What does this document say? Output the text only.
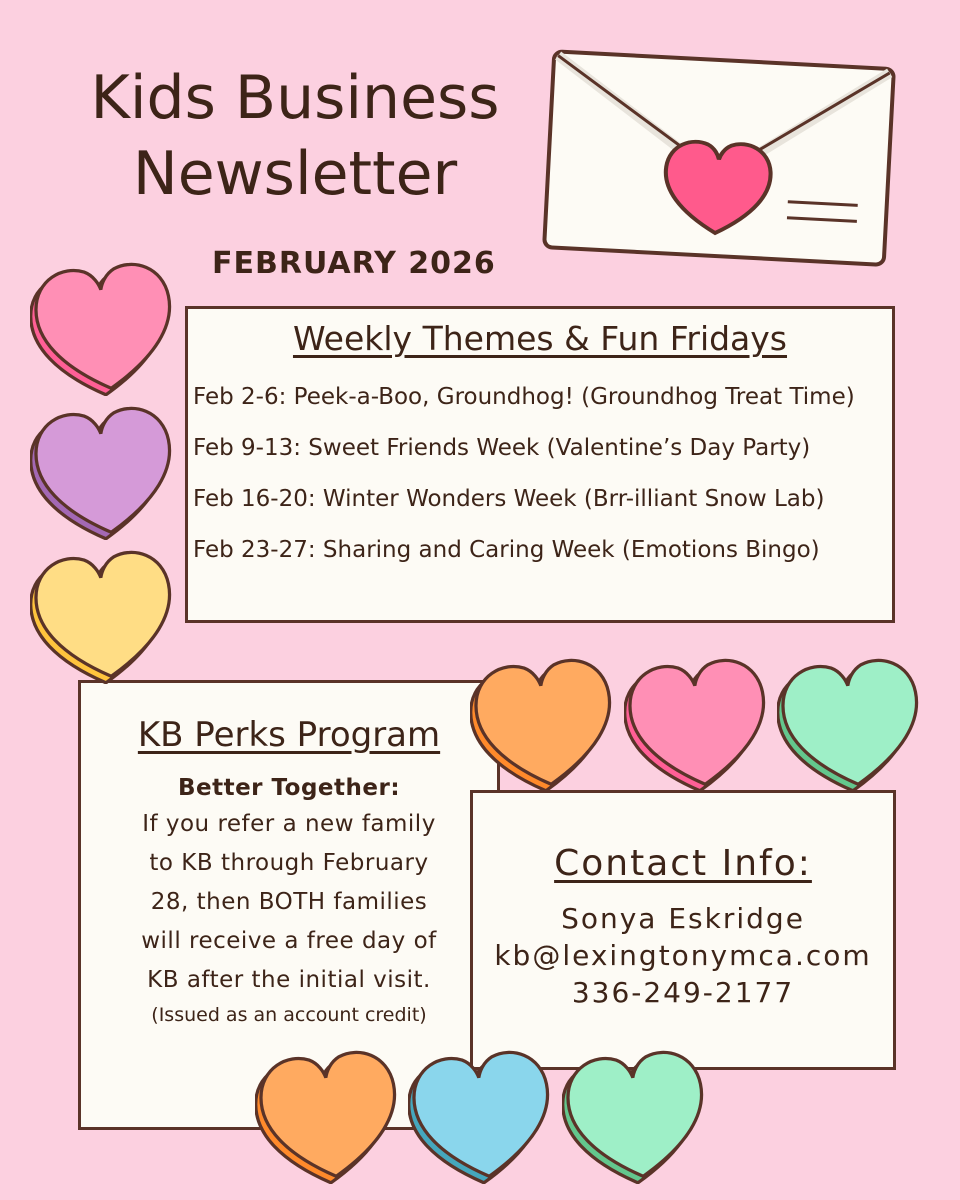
Kids Business
Newsletter
FEBRUARY 2026
Weekly Themes & Fun Fridays
Feb 2-6: Peek-a-Boo, Groundhog! (Groundhog Treat Time)
Feb 9-13: Sweet Friends Week (Valentine’s Day Party)
Feb 16-20: Winter Wonders Week (Brr-illiant Snow Lab)
Feb 23-27: Sharing and Caring Week (Emotions Bingo)
KB Perks Program
Better Together:
If you refer a new family
to KB through February
28, then BOTH families
will receive a free day of
KB after the initial visit.
(Issued as an account credit)
Contact Info:
Sonya Eskridge
kb@lexingtonymca.com
336-249-2177
